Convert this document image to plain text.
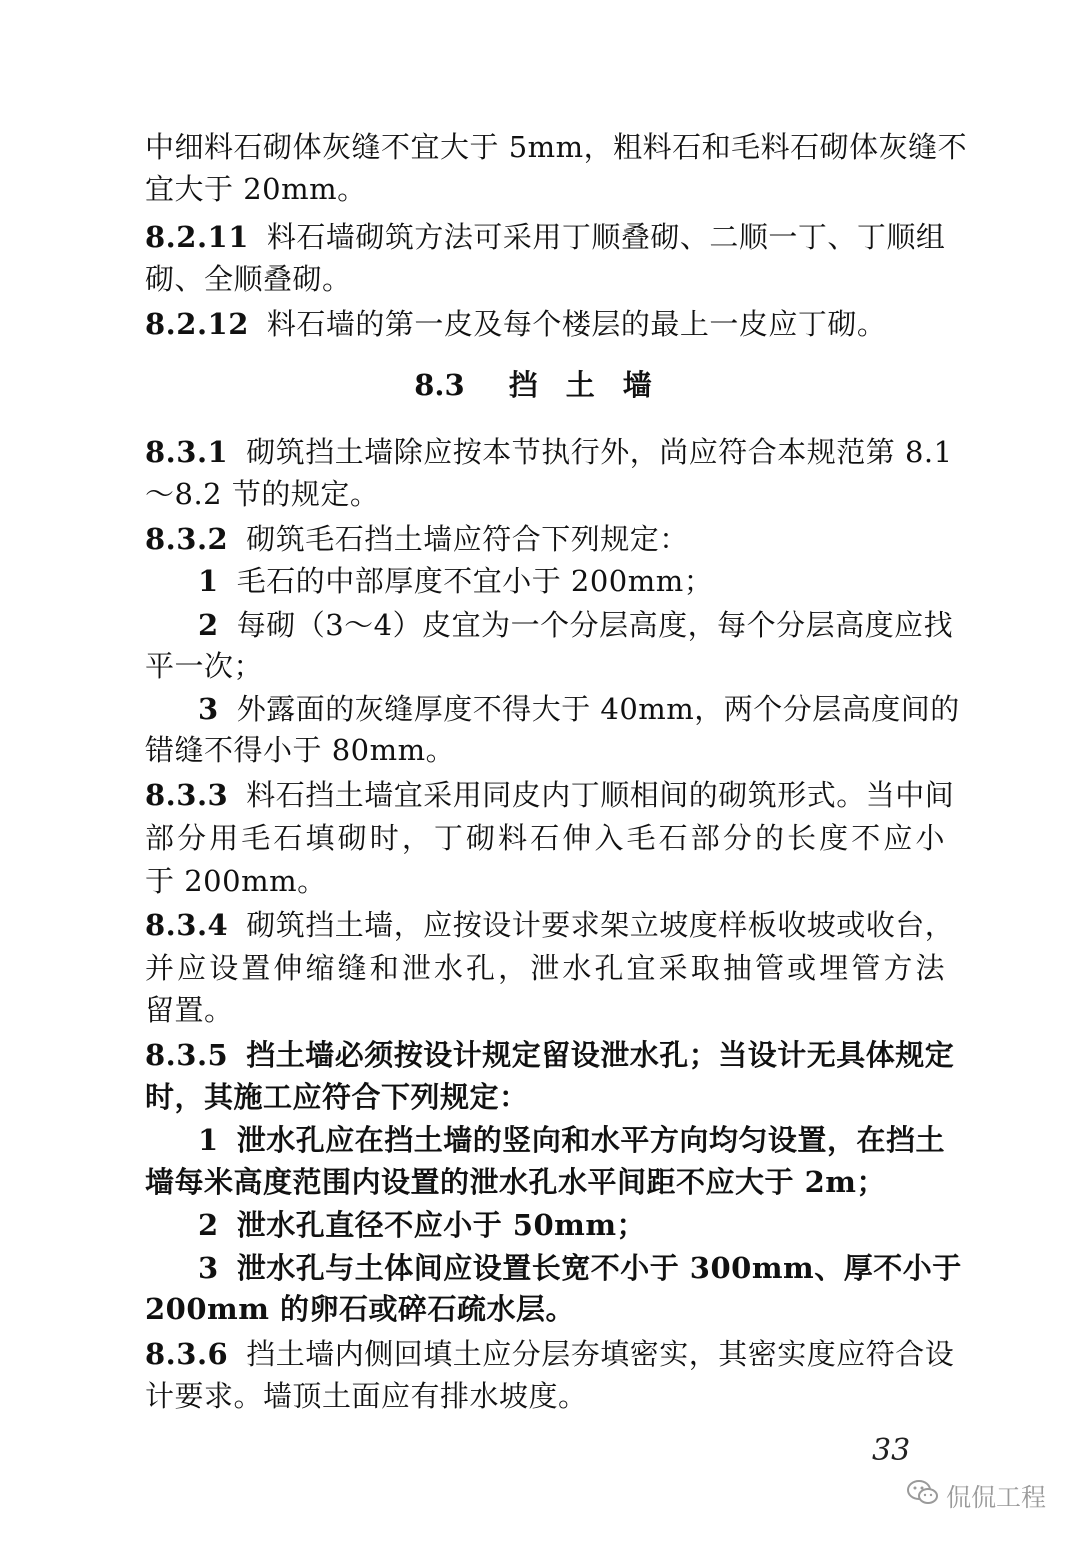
中细料石砌体灰缝不宜大于 5mm，粗料石和毛料石砌体灰缝不
宜大于 20mm。
8.2.11 料石墙砌筑方法可采用丁顺叠砌、二顺一丁、丁顺组
砌、全顺叠砌。
8.2.12 料石墙的第一皮及每个楼层的最上一皮应丁砌。
8.3 挡 土 墙
8.3.1 砌筑挡土墙除应按本节执行外，尚应符合本规范第 8.1
～8.2 节的规定。
8.3.2 砌筑毛石挡土墙应符合下列规定：
1 毛石的中部厚度不宜小于 200mm；
2 每砌（3～4）皮宜为一个分层高度，每个分层高度应找
平一次；
3 外露面的灰缝厚度不得大于 40mm，两个分层高度间的
错缝不得小于 80mm。
8.3.3 料石挡土墙宜采用同皮内丁顺相间的砌筑形式。当中间
部分用毛石填砌时，丁砌料石伸入毛石部分的长度不应小
于 200mm。
8.3.4 砌筑挡土墙，应按设计要求架立坡度样板收坡或收台，
并应设置伸缩缝和泄水孔，泄水孔宜采取抽管或埋管方法
留置。
8.3.5 挡土墙必须按设计规定留设泄水孔；当设计无具体规定
时，其施工应符合下列规定：
1 泄水孔应在挡土墙的竖向和水平方向均匀设置，在挡土
墙每米高度范围内设置的泄水孔水平间距不应大于 2m；
2 泄水孔直径不应小于 50mm；
3 泄水孔与土体间应设置长宽不小于 300mm、厚不小于
200mm 的卵石或碎石疏水层。
8.3.6 挡土墙内侧回填土应分层夯填密实，其密实度应符合设
计要求。墙顶土面应有排水坡度。
33
侃侃工程
